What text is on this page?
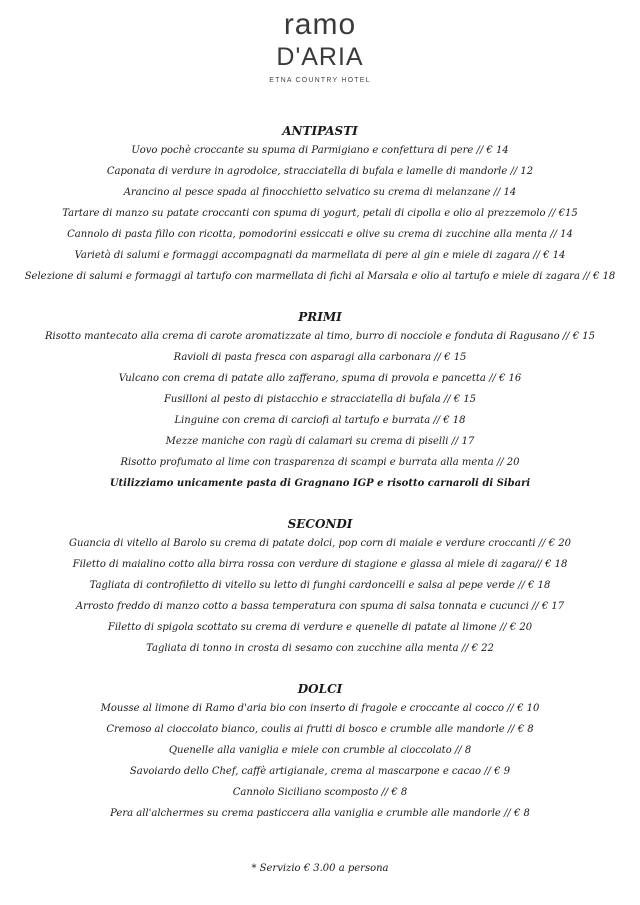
ramo
D'ARIA
ETNA COUNTRY HOTEL
ANTIPASTI
Uovo pochè croccante su spuma di Parmigiano e confettura di pere // € 14
Caponata di verdure in agrodolce, stracciatella di bufala e lamelle di mandorle // 12
Arancino al pesce spada al finocchietto selvatico su crema di melanzane // 14
Tartare di manzo su patate croccanti con spuma di yogurt, petali di cipolla e olio al prezzemolo // €15
Cannolo di pasta fillo con ricotta, pomodorini essiccati e olive su crema di zucchine alla menta // 14
Varietà di salumi e formaggi accompagnati da marmellata di pere al gin e miele di zagara // € 14
Selezione di salumi e formaggi al tartufo con marmellata di fichi al Marsala e olio al tartufo e miele di zagara // € 18
PRIMI
Risotto mantecato alla crema di carote aromatizzate al timo, burro di nocciole e fonduta di Ragusano // € 15
Ravioli di pasta fresca con asparagi alla carbonara // € 15
Vulcano con crema di patate allo zafferano, spuma di provola e pancetta // € 16
Fusilloni al pesto di pistacchio e stracciatella di bufala // € 15
Linguine con crema di carciofi al tartufo e burrata // € 18
Mezze maniche con ragù di calamari su crema di piselli // 17
Risotto profumato al lime con trasparenza di scampi e burrata alla menta // 20
Utilizziamo unicamente pasta di Gragnano IGP e risotto carnaroli di Sibari
SECONDI
Guancia di vitello al Barolo su crema di patate dolci, pop corn di maiale e verdure croccanti // € 20
Filetto di maialino cotto alla birra rossa con verdure di stagione e glassa al miele di zagara// € 18
Tagliata di controfiletto di vitello su letto di funghi cardoncelli e salsa al pepe verde // € 18
Arrosto freddo di manzo cotto a bassa temperatura con spuma di salsa tonnata e cucunci // € 17
Filetto di spigola scottato su crema di verdure e quenelle di patate al limone // € 20
Tagliata di tonno in crosta di sesamo con zucchine alla menta // € 22
DOLCI
Mousse al limone di Ramo d'aria bio con inserto di fragole e croccante al cocco // € 10
Cremoso al cioccolato bianco, coulis ai frutti di bosco e crumble alle mandorle // € 8
Quenelle alla vaniglia e miele con crumble al cioccolato // 8
Savoiardo dello Chef, caffè artigianale, crema al mascarpone e cacao // € 9
Cannolo Siciliano scomposto // € 8
Pera all'alchermes su crema pasticcera alla vaniglia e crumble alle mandorle // € 8
* Servizio € 3.00 a persona
